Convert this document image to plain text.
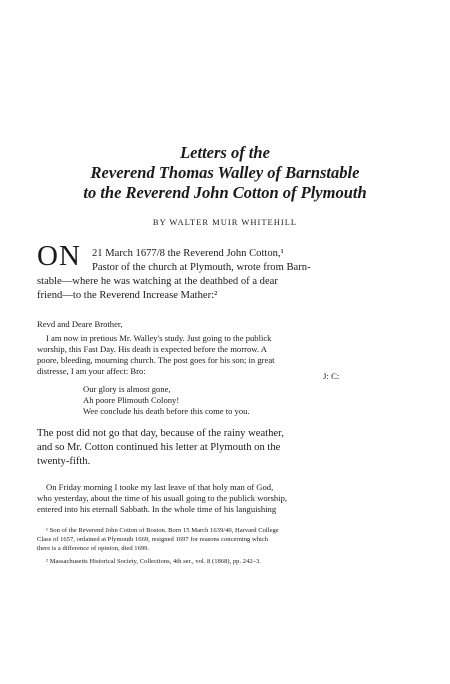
Letters of the
Reverend Thomas Walley of Barnstable
to the Reverend John Cotton of Plymouth
BY WALTER MUIR WHITEHILL
ON 21 March 1677/8 the Reverend John Cotton,¹
Pastor of the church at Plymouth, wrote from Barn-
stable—where he was watching at the deathbed of a dear
friend—to the Reverend Increase Mather:²
Revd and Deare Brother,
I am now in pretious Mr. Walley's study. Just going to the publick
worship, this Fast Day. His death is expected before the morrow. A
poore, bleeding, mourning church. The post goes for his son; in great
distresse, I am your affect: Bro:	J: C:
Our glory is almost gone,
Ah poore Plimouth Colony!
Wee conclude his death before this come to you.
The post did not go that day, because of the rainy weather,
and so Mr. Cotton continued his letter at Plymouth on the
twenty-fifth.
On Friday morning I tooke my last leave of that holy man of God,
who yesterday, about the time of his usuall going to the publick worship,
entered into his eternall Sabbath. In the whole time of his languishing
¹ Son of the Reverend John Cotton of Boston. Born 15 March 1639/40, Harvard College
Class of 1657, ordained at Plymouth 1669, resigned 1697 for reasons concerning which
there is a difference of opinion, died 1699.
² Massachusetts Historical Society, Collections, 4th ser., vol. 8 (1868), pp. 242–3.
